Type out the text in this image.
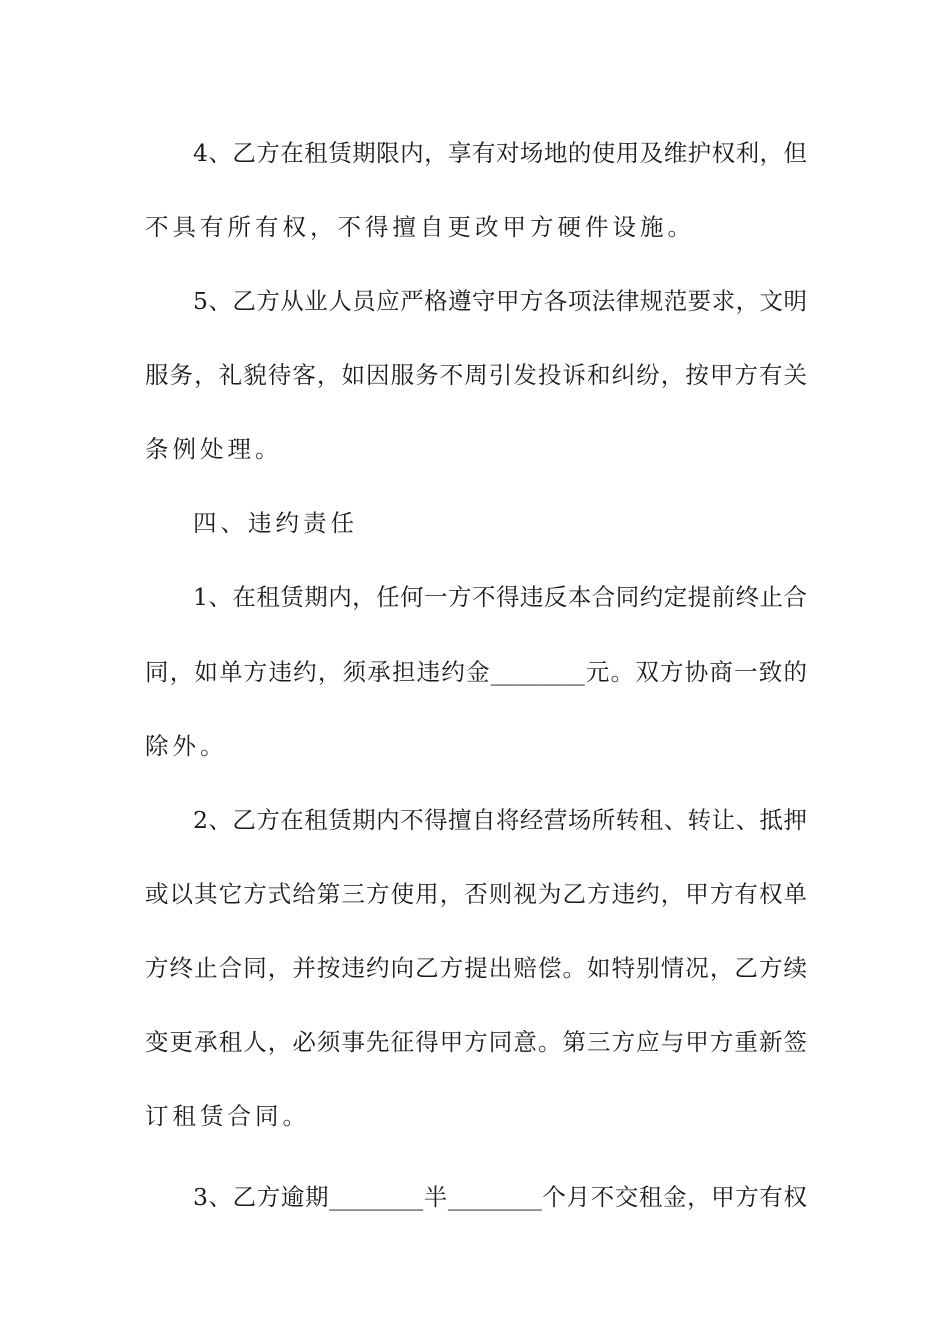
4、乙方在租赁期限内，享有对场地的使用及维护权利，但

不具有所有权，不得擅自更改甲方硬件设施。

5、乙方从业人员应严格遵守甲方各项法律规范要求，文明

服务，礼貌待客，如因服务不周引发投诉和纠纷，按甲方有关

条例处理。

四、违约责任

1、在租赁期内，任何一方不得违反本合同约定提前终止合

同，如单方违约，须承担违约金________元。双方协商一致的

除外。

2、乙方在租赁期内不得擅自将经营场所转租、转让、抵押

或以其它方式给第三方使用，否则视为乙方违约，甲方有权单

方终止合同，并按违约向乙方提出赔偿。如特别情况，乙方续

变更承租人，必须事先征得甲方同意。第三方应与甲方重新签

订租赁合同。

3、乙方逾期________半________个月不交租金，甲方有权
